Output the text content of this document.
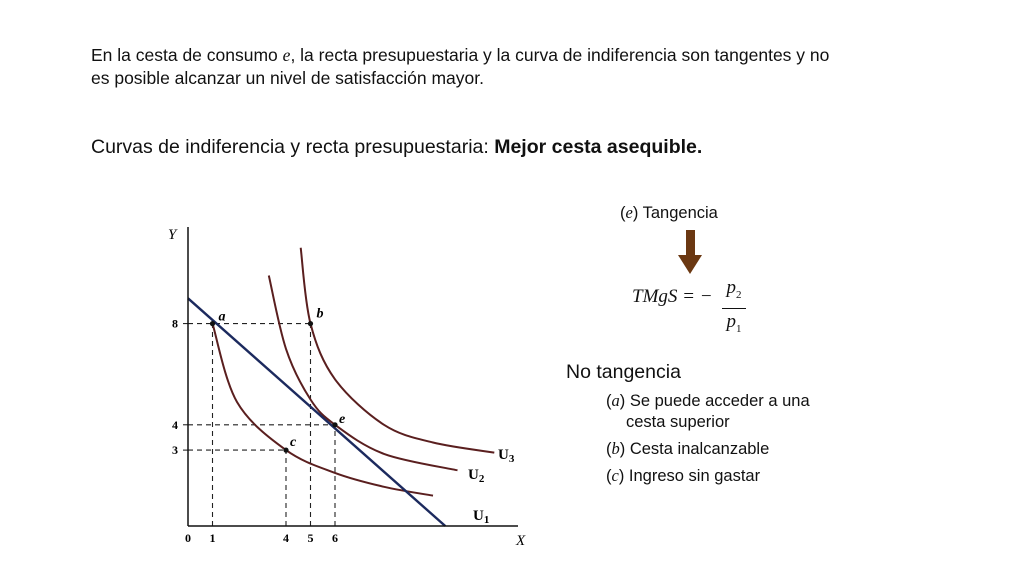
En la cesta de consumo e, la recta presupuestaria y la curva de indiferencia son tangentes y no es posible alcanzar un nivel de satisfacción mayor.
Curvas de indiferencia y recta presupuestaria: Mejor cesta asequible.
X
Y
0 1	4 5 6
3
4
8	a	b
c
e
$U_1$
$U_2$
$U_3$
(e) Tangencia
TMgS = − $p_2$
$p_1$
No tangencia
(a) Se puede acceder a una
cesta superior
(b) Cesta inalcanzable
(c) Ingreso sin gastar
